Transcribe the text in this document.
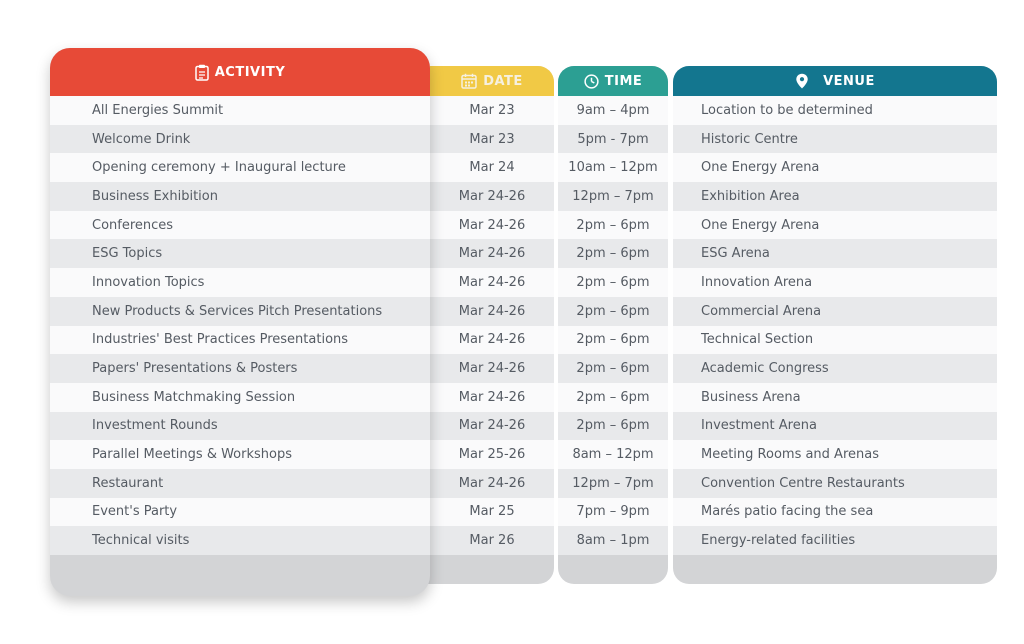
ACTIVITY
All Energies Summit
Welcome Drink
Opening ceremony + Inaugural lecture
Business Exhibition
Conferences
ESG Topics
Innovation Topics
New Products & Services Pitch Presentations
Industries' Best Practices Presentations
Papers' Presentations & Posters
Business Matchmaking Session
Investment Rounds
Parallel Meetings & Workshops
Restaurant
Event's Party
Technical visits
DATE
Mar 23
Mar 23
Mar 24
Mar 24-26
Mar 24-26
Mar 24-26
Mar 24-26
Mar 24-26
Mar 24-26
Mar 24-26
Mar 24-26
Mar 24-26
Mar 25-26
Mar 24-26
Mar 25
Mar 26
TIME
9am – 4pm
5pm - 7pm
10am – 12pm
12pm – 7pm
2pm – 6pm
2pm – 6pm
2pm – 6pm
2pm – 6pm
2pm – 6pm
2pm – 6pm
2pm – 6pm
2pm – 6pm
8am – 12pm
12pm – 7pm
7pm – 9pm
8am – 1pm
VENUE
Location to be determined
Historic Centre
One Energy Arena
Exhibition Area
One Energy Arena
ESG Arena
Innovation Arena
Commercial Arena
Technical Section
Academic Congress
Business Arena
Investment Arena
Meeting Rooms and Arenas
Convention Centre Restaurants
Marés patio facing the sea
Energy-related facilities
